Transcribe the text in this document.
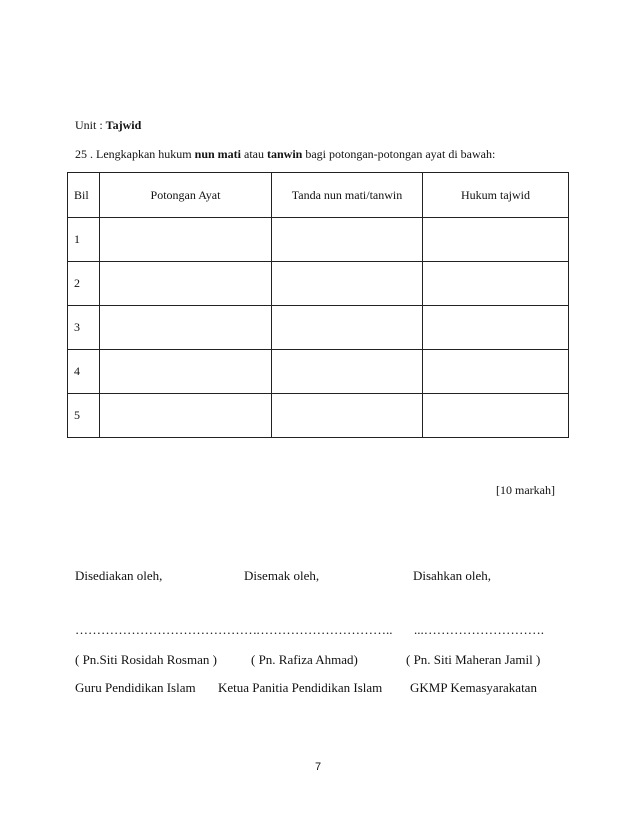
Unit : Tajwid
25 . Lengkapkan hukum nun mati atau tanwin bagi potongan-potongan ayat di bawah:
Bil	Potongan Ayat	Tanda nun mati/tanwin	Hukum tajwid
1			
2			
3			
4			
5			
[10 markah]
Disediakan oleh,	Disemak oleh,	Disahkan oleh,
…………………………………… ………………………….. ...……………………….
( Pn.Siti Rosidah Rosman )	( Pn. Rafiza Ahmad)	( Pn. Siti Maheran Jamil )
Guru Pendidikan Islam Ketua Panitia Pendidikan Islam GKMP Kemasyarakatan
7
